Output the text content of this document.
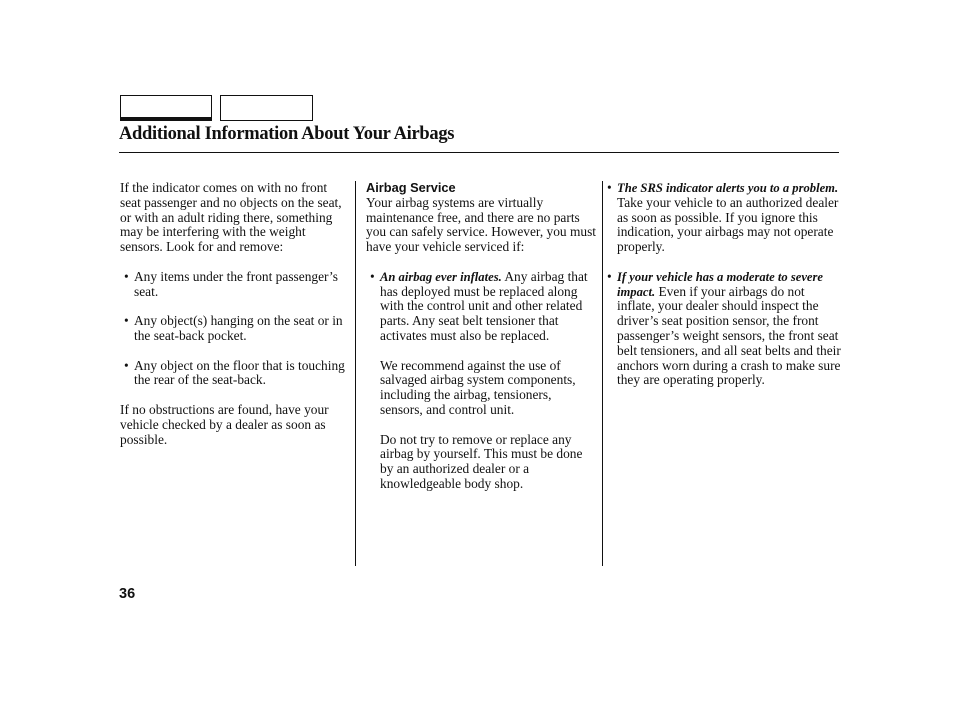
Additional Information About Your Airbags

If the indicator comes on with no front seat passenger and no objects on the seat, or with an adult riding there, something may be interfering with the weight sensors. Look for and remove:

• Any items under the front passenger’s seat.

• Any object(s) hanging on the seat or in the seat-back pocket.

• Any object on the floor that is touching the rear of the seat-back.

If no obstructions are found, have your vehicle checked by a dealer as soon as possible.

Airbag Service

Your airbag systems are virtually maintenance free, and there are no parts you can safely service. However, you must have your vehicle serviced if:

• An airbag ever inflates. Any airbag that has deployed must be replaced along with the control unit and other related parts. Any seat belt tensioner that activates must also be replaced.

We recommend against the use of salvaged airbag system components, including the airbag, tensioners, sensors, and control unit.

Do not try to remove or replace any airbag by yourself. This must be done by an authorized dealer or a knowledgeable body shop.

• The SRS indicator alerts you to a problem. Take your vehicle to an authorized dealer as soon as possible. If you ignore this indication, your airbags may not operate properly.

• If your vehicle has a moderate to severe impact. Even if your airbags do not inflate, your dealer should inspect the driver’s seat position sensor, the front passenger’s weight sensors, the front seat belt tensioners, and all seat belts and their anchors worn during a crash to make sure they are operating properly.

36
